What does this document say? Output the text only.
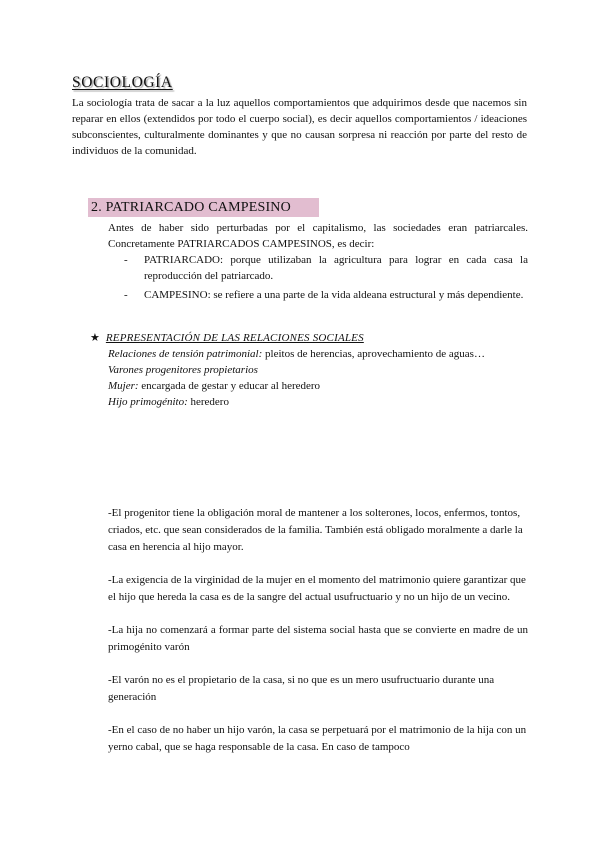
SOCIOLOGÍA
La sociología trata de sacar a la luz aquellos comportamientos que adquirimos desde que nacemos sin reparar en ellos (extendidos por todo el cuerpo social), es decir aquellos comportamientos / ideaciones subconscientes, culturalmente dominantes y que no causan sorpresa ni reacción por parte del resto de individuos de la comunidad.
2. PATRIARCADO CAMPESINO
Antes de haber sido perturbadas por el capitalismo, las sociedades eran patriarcales. Concretamente PATRIARCADOS CAMPESINOS, es decir:
- PATRIARCADO: porque utilizaban la agricultura para lograr en cada casa la reproducción del patriarcado.
- CAMPESINO: se refiere a una parte de la vida aldeana estructural y más dependiente.
★ REPRESENTACIÓN DE LAS RELACIONES SOCIALES
Relaciones de tensión patrimonial: pleitos de herencias, aprovechamiento de aguas…
Varones progenitores propietarios
Mujer: encargada de gestar y educar al heredero
Hijo primogénito: heredero

-El progenitor tiene la obligación moral de mantener a los solterones, locos, enfermos, tontos, criados, etc. que sean considerados de la familia. También está obligado moralmente a darle la casa en herencia al hijo mayor.

-La exigencia de la virginidad de la mujer en el momento del matrimonio quiere garantizar que el hijo que hereda la casa es de la sangre del actual usufructuario y no un hijo de un vecino.

-La hija no comenzará a formar parte del sistema social hasta que se convierte en madre de un primogénito varón

-El varón no es el propietario de la casa, si no que es un mero usufructuario durante una generación

-En el caso de no haber un hijo varón, la casa se perpetuará por el matrimonio de la hija con un yerno cabal, que se haga responsable de la casa. En caso de tampoco
